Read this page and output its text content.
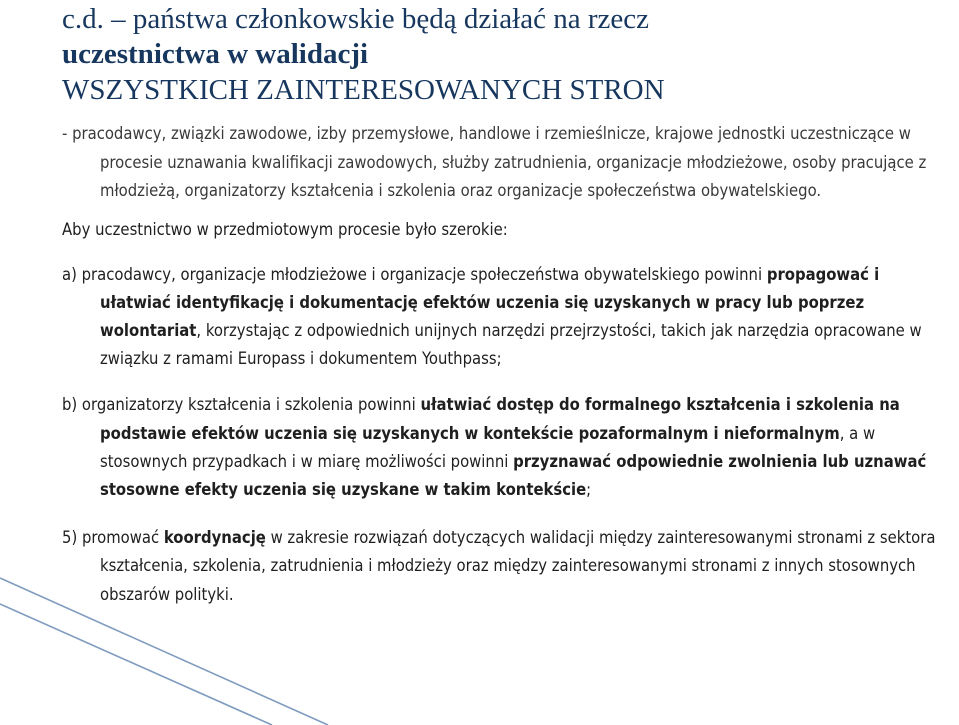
c.d. – państwa członkowskie będą działać na rzecz
uczestnictwa w walidacji
WSZYSTKICH ZAINTERESOWANYCH STRON

- pracodawcy, związki zawodowe, izby przemysłowe, handlowe i rzemieślnicze, krajowe jednostki uczestniczące w procesie uznawania kwalifikacji zawodowych, służby zatrudnienia, organizacje młodzieżowe, osoby pracujące z młodzieżą, organizatorzy kształcenia i szkolenia oraz organizacje społeczeństwa obywatelskiego.

Aby uczestnictwo w przedmiotowym procesie było szerokie:

a) pracodawcy, organizacje młodzieżowe i organizacje społeczeństwa obywatelskiego powinni propagować i ułatwiać identyfikację i dokumentację efektów uczenia się uzyskanych w pracy lub poprzez wolontariat, korzystając z odpowiednich unijnych narzędzi przejrzystości, takich jak narzędzia opracowane w związku z ramami Europass i dokumentem Youthpass;

b) organizatorzy kształcenia i szkolenia powinni ułatwiać dostęp do formalnego kształcenia i szkolenia na podstawie efektów uczenia się uzyskanych w kontekście pozaformalnym i nieformalnym, a w stosownych przypadkach i w miarę możliwości powinni przyznawać odpowiednie zwolnienia lub uznawać stosowne efekty uczenia się uzyskane w takim kontekście;

5) promować koordynację w zakresie rozwiązań dotyczących walidacji między zainteresowanymi stronami z sektora kształcenia, szkolenia, zatrudnienia i młodzieży oraz między zainteresowanymi stronami z innych stosownych obszarów polityki.
